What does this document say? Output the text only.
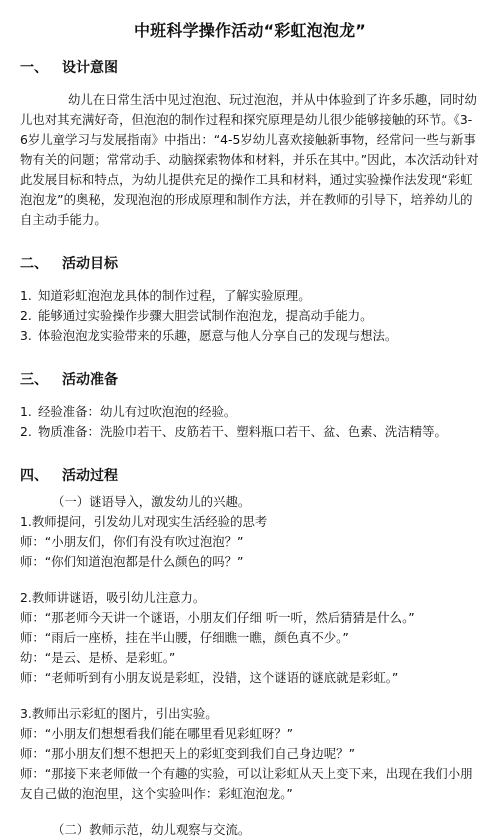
中班科学操作活动“彩虹泡泡龙”
一、	设计意图
幼儿在日常生活中见过泡泡、玩过泡泡，并从中体验到了许多乐趣，同时幼儿也对其充满好奇，但泡泡的制作过程和探究原理是幼儿很少能够接触的环节。《3-6岁儿童学习与发展指南》中指出：“4-5岁幼儿喜欢接触新事物，经常问一些与新事物有关的问题；常常动手、动脑探索物体和材料，并乐在其中。”因此，本次活动针对此发展目标和特点，为幼儿提供充足的操作工具和材料，通过实验操作法发现“彩虹泡泡龙”的奥秘，发现泡泡的形成原理和制作方法，并在教师的引导下，培养幼儿的自主动手能力。
二、	活动目标
1. 知道彩虹泡泡龙具体的制作过程，了解实验原理。
2. 能够通过实验操作步骤大胆尝试制作泡泡龙，提高动手能力。
3. 体验泡泡龙实验带来的乐趣，愿意与他人分享自己的发现与想法。
三、	活动准备
1. 经验准备：幼儿有过吹泡泡的经验。
2. 物质准备：洗脸巾若干、皮筋若干、塑料瓶口若干、盆、色素、洗洁精等。
四、	活动过程
（一）谜语导入，激发幼儿的兴趣。
1.教师提问，引发幼儿对现实生活经验的思考
师：“小朋友们，你们有没有吹过泡泡？”
师：“你们知道泡泡都是什么颜色的吗？”
2.教师讲谜语，吸引幼儿注意力。
师：“那老师今天讲一个谜语，小朋友们仔细 听一听，然后猜猜是什么。”
师：“雨后一座桥，挂在半山腰，仔细瞧一瞧，颜色真不少。”
幼：“是云、是桥、是彩虹。”
师：“老师听到有小朋友说是彩虹，没错，这个谜语的谜底就是彩虹。”
3.教师出示彩虹的图片，引出实验。
师：“小朋友们想想看我们能在哪里看见彩虹呀？”
师：“那小朋友们想不想把天上的彩虹变到我们自己身边呢？”
师：“那接下来老师做一个有趣的实验，可以让彩虹从天上变下来，出现在我们小朋友自己做的泡泡里，这个实验叫作：彩虹泡泡龙。”
（二）教师示范，幼儿观察与交流。
